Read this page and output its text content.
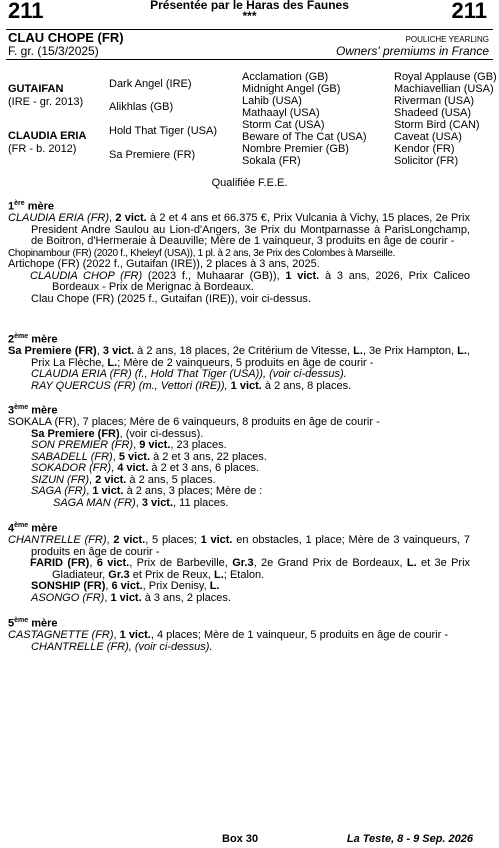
211	Présentée par le Haras des Faunes
***	211
CLAU CHOPE (FR)	POULICHE YEARLING
F. gr. (15/3/2025)	Owners' premiums in France
GUTAIFAN
(IRE - gr. 2013)
CLAUDIA ERIA
(FR - b. 2012)
Dark Angel (IRE)
Alikhlas (GB)
Hold That Tiger (USA)
Sa Premiere (FR)
Acclamation (GB)
Midnight Angel (GB)
Lahib (USA)
Mathaayl (USA)
Storm Cat (USA)
Beware of The Cat (USA)
Nombre Premier (GB)
Sokala (FR)
Royal Applause (GB)
Machiavellian (USA)
Riverman (USA)
Shadeed (USA)
Storm Bird (CAN)
Caveat (USA)
Kendor (FR)
Solicitor (FR)
Qualifiée F.E.E.

1ère mère

CLAUDIA ERIA (FR), 2 vict. à 2 et 4 ans et 66.375 €, Prix Vulcania à Vichy, 15 places, 2e Prix President Andre Saulou au Lion-d'Angers, 3e Prix du Montparnasse à ParisLongchamp, de Boitron, d'Hermeraie à Deauville; Mère de 1 vainqueur, 3 produits en âge de courir -

Chopinambour (FR) (2020 f., Kheleyf (USA)), 1 pl. à 2 ans, 3e Prix des Colombes à Marseille.

Artichope (FR) (2022 f., Gutaifan (IRE)), 2 places à 3 ans, 2025.

CLAUDIA CHOP (FR) (2023 f., Muhaarar (GB)), 1 vict. à 3 ans, 2026, Prix Caliceo Bordeaux - Prix de Merignac à Bordeaux.

Clau Chope (FR) (2025 f., Gutaifan (IRE)), voir ci-dessus.

2ème mère

Sa Premiere (FR), 3 vict. à 2 ans, 18 places, 2e Critérium de Vitesse, L., 3e Prix Hampton, L., Prix La Flèche, L.; Mère de 2 vainqueurs, 5 produits en âge de courir -

CLAUDIA ERIA (FR) (f., Hold That Tiger (USA)), (voir ci-dessus).

RAY QUERCUS (FR) (m., Vettori (IRE)), 1 vict. à 2 ans, 8 places.

3ème mère

SOKALA (FR), 7 places; Mère de 6 vainqueurs, 8 produits en âge de courir -

Sa Premiere (FR), (voir ci-dessus).

SON PREMIER (FR), 9 vict., 23 places.

SABADELL (FR), 5 vict. à 2 et 3 ans, 22 places.

SOKADOR (FR), 4 vict. à 2 et 3 ans, 6 places.

SIZUN (FR), 2 vict. à 2 ans, 5 places.

SAGA (FR), 1 vict. à 2 ans, 3 places; Mère de :

SAGA MAN (FR), 3 vict., 11 places.

4ème mère

CHANTRELLE (FR), 2 vict., 5 places; 1 vict. en obstacles, 1 place; Mère de 3 vainqueurs, 7 produits en âge de courir -

FARID (FR), 6 vict., Prix de Barbeville, Gr.3, 2e Grand Prix de Bordeaux, L. et 3e Prix Gladiateur, Gr.3 et Prix de Reux, L.; Etalon.

SONSHIP (FR), 6 vict., Prix Denisy, L.

ASONGO (FR), 1 vict. à 3 ans, 2 places.

5ème mère

CASTAGNETTE (FR), 1 vict., 4 places; Mère de 1 vainqueur, 5 produits en âge de courir -

CHANTRELLE (FR), (voir ci-dessus).

Box 30	La Teste, 8 - 9 Sep. 2026
